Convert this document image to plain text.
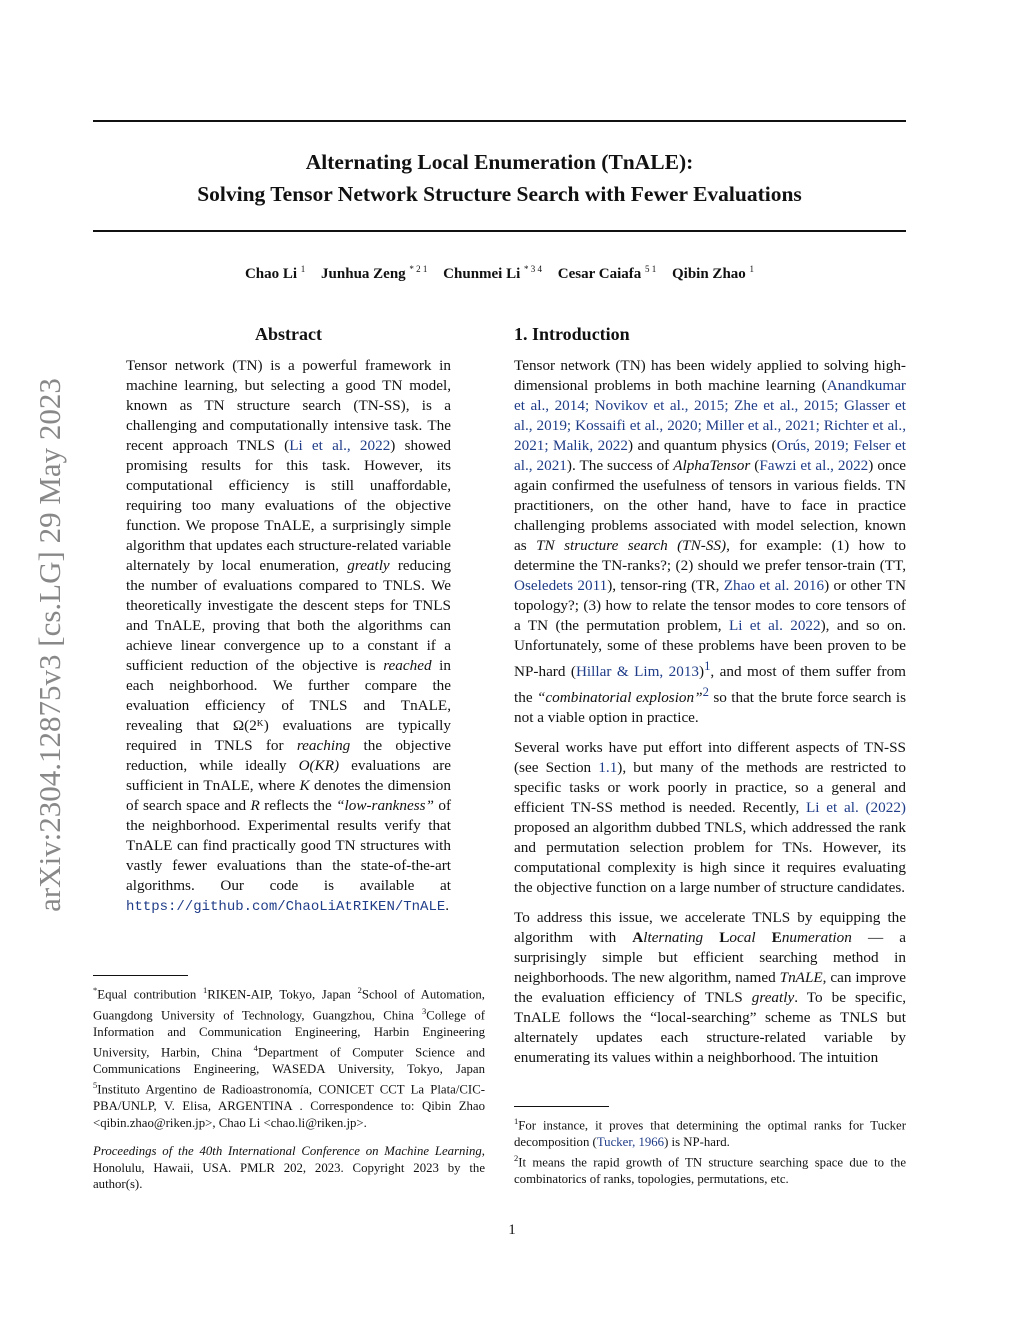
Alternating Local Enumeration (TnALE):
Solving Tensor Network Structure Search with Fewer Evaluations
Chao Li $^1$ Junhua Zeng $^{* 2 1}$ Chunmei Li $^{* 3 4}$ Cesar Caiafa $^{5 1}$ Qibin Zhao $^1$
arXiv:2304.12875v3 [cs.LG] 29 May 2023
Abstract

Tensor network (TN) is a powerful framework in machine learning, but selecting a good TN model, known as TN structure search (TN-SS), is a challenging and computationally intensive task. The recent approach TNLS (Li et al., 2022) showed promising results for this task. However, its computational efficiency is still unaffordable, requiring too many evaluations of the objective function. We propose TnALE, a surprisingly simple algorithm that updates each structure-related variable alternately by local enumeration, greatly reducing the number of evaluations compared to TNLS. We theoretically investigate the descent steps for TNLS and TnALE, proving that both the algorithms can achieve linear convergence up to a constant if a sufficient reduction of the objective is reached in each neighborhood. We further compare the evaluation efficiency of TNLS and TnALE, revealing that Ω(2ᴷ) evaluations are typically required in TNLS for reaching the objective reduction, while ideally O(KR) evaluations are sufficient in TnALE, where K denotes the dimension of search space and R reflects the “low-rankness” of the neighborhood. Experimental results verify that TnALE can find practically good TN structures with vastly fewer evaluations than the state-of-the-art algorithms. Our code is available at https://github.com/ChaoLiAtRIKEN/TnALE.

*Equal contribution $^1$RIKEN-AIP, Tokyo, Japan $^2$School of Automation, Guangdong University of Technology, Guangzhou, China $^3$College of Information and Communication Engineering, Harbin Engineering University, Harbin, China $^4$Department of Computer Science and Communications Engineering, WASEDA University, Tokyo, Japan $^5$Instituto Argentino de Radioastronomía, CONICET CCT La Plata/CIC-PBA/UNLP, V. Elisa, ARGENTINA . Correspondence to: Qibin Zhao <qibin.zhao@riken.jp>, Chao Li <chao.li@riken.jp>.
Proceedings of the 40th International Conference on Machine Learning, Honolulu, Hawaii, USA. PMLR 202, 2023. Copyright 2023 by the author(s).
1. Introduction

Tensor network (TN) has been widely applied to solving high-dimensional problems in both machine learning (Anandkumar et al., 2014; Novikov et al., 2015; Zhe et al., 2015; Glasser et al., 2019; Kossaifi et al., 2020; Miller et al., 2021; Richter et al., 2021; Malik, 2022) and quantum physics (Orús, 2019; Felser et al., 2021). The success of AlphaTensor (Fawzi et al., 2022) once again confirmed the usefulness of tensors in various fields. TN practitioners, on the other hand, have to face in practice challenging problems associated with model selection, known as TN structure search (TN-SS), for example: (1) how to determine the TN-ranks?; (2) should we prefer tensor-train (TT, Oseledets 2011), tensor-ring (TR, Zhao et al. 2016) or other TN topology?; (3) how to relate the tensor modes to core tensors of a TN (the permutation problem, Li et al. 2022), and so on. Unfortunately, some of these problems have been proven to be NP-hard (Hillar & Lim, 2013)$^1$, and most of them suffer from the “combinatorial explosion”$^2$ so that the brute force search is not a viable option in practice.

Several works have put effort into different aspects of TN-SS (see Section 1.1), but many of the methods are restricted to specific tasks or work poorly in practice, so a general and efficient TN-SS method is needed. Recently, Li et al. (2022) proposed an algorithm dubbed TNLS, which addressed the rank and permutation selection problem for TNs. However, its computational complexity is high since it requires evaluating the objective function on a large number of structure candidates.

To address this issue, we accelerate TNLS by equipping the algorithm with Alternating Local Enumeration — a surprisingly simple but efficient searching method in neighborhoods. The new algorithm, named TnALE, can improve the evaluation efficiency of TNLS greatly. To be specific, TnALE follows the “local-searching” scheme as TNLS but alternately updates each structure-related variable by enumerating its values within a neighborhood. The intuition

$^1$For instance, it proves that determining the optimal ranks for Tucker decomposition (Tucker, 1966) is NP-hard.
$^2$It means the rapid growth of TN structure searching space due to the combinatorics of ranks, topologies, permutations, etc.
1
